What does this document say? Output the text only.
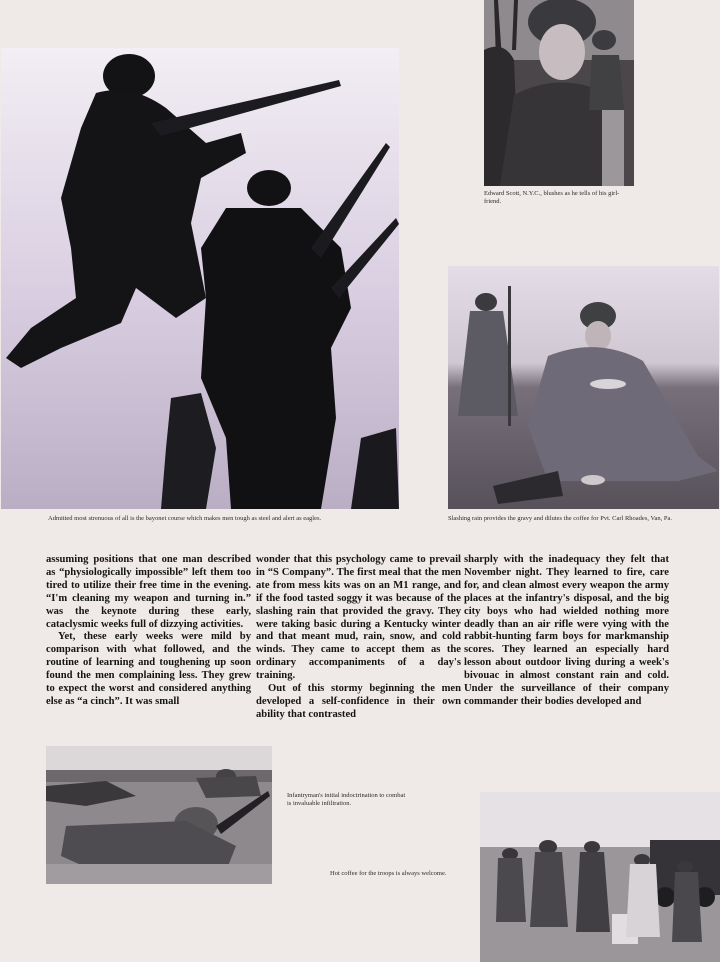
Admitted most strenuous of all is the bayonet course which makes men tough as steel and alert as eagles.
Edward Scott, N.Y.C., blushes as he tells of his girl-friend.
Slashing rain provides the gravy and dilutes the coffee for Pvt. Carl Rhoades, Van, Pa.

assuming positions that one man described as “physiologically impossible” left them too tired to utilize their free time in the evening. “I'm cleaning my weapon and turning in.” was the keynote during these early, cataclysmic weeks full of dizzying activities.

Yet, these early weeks were mild by comparison with what followed, and the routine of learning and toughening up soon found the men complaining less. They grew to expect the worst and considered anything else as “a cinch”. It was small

wonder that this psychology came to prevail in “S Company”. The first meal that the men ate from mess kits was on an M1 range, and if the food tasted soggy it was because of the slashing rain that provided the gravy. They were taking basic during a Kentucky winter and that meant mud, rain, snow, and cold winds. They came to accept them as the ordinary accompaniments of a day's training.

Out of this stormy beginning the men developed a self-confidence in their own ability that contrasted

sharply with the inadequacy they felt that November night. They learned to fire, care for, and clean almost every weapon the army places at the infantry's disposal, and the big city boys who had wielded nothing more deadly than an air rifle were vying with the rabbit-hunting farm boys for markmanship scores. They learned an especially hard lesson about outdoor living during a week's bivouac in almost constant rain and cold. Under the surveillance of their company commander their bodies developed and

Infantryman's initial indoctrination to combat is invaluable infiltration.
Hot coffee for the troops is always welcome.
